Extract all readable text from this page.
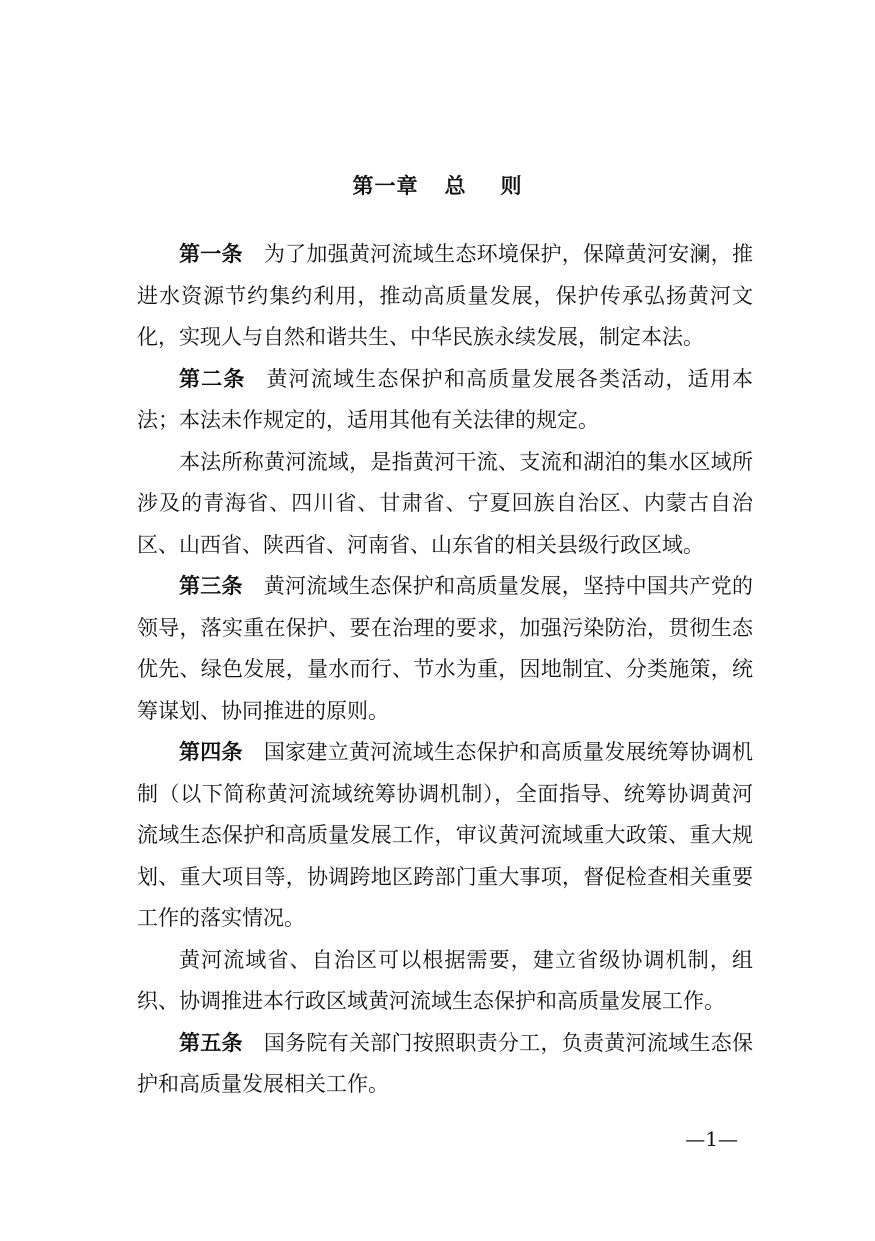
第一章 总 则

第一条 为了加强黄河流域生态环境保护，保障黄河安澜，推进水资源节约集约利用，推动高质量发展，保护传承弘扬黄河文化，实现人与自然和谐共生、中华民族永续发展，制定本法。

第二条 黄河流域生态保护和高质量发展各类活动，适用本法；本法未作规定的，适用其他有关法律的规定。

本法所称黄河流域，是指黄河干流、支流和湖泊的集水区域所涉及的青海省、四川省、甘肃省、宁夏回族自治区、内蒙古自治区、山西省、陕西省、河南省、山东省的相关县级行政区域。

第三条 黄河流域生态保护和高质量发展，坚持中国共产党的领导，落实重在保护、要在治理的要求，加强污染防治，贯彻生态优先、绿色发展，量水而行、节水为重，因地制宜、分类施策，统筹谋划、协同推进的原则。

第四条 国家建立黄河流域生态保护和高质量发展统筹协调机制（以下简称黄河流域统筹协调机制），全面指导、统筹协调黄河流域生态保护和高质量发展工作，审议黄河流域重大政策、重大规划、重大项目等，协调跨地区跨部门重大事项，督促检查相关重要工作的落实情况。

黄河流域省、自治区可以根据需要，建立省级协调机制，组织、协调推进本行政区域黄河流域生态保护和高质量发展工作。

第五条 国务院有关部门按照职责分工，负责黄河流域生态保护和高质量发展相关工作。

—1—
